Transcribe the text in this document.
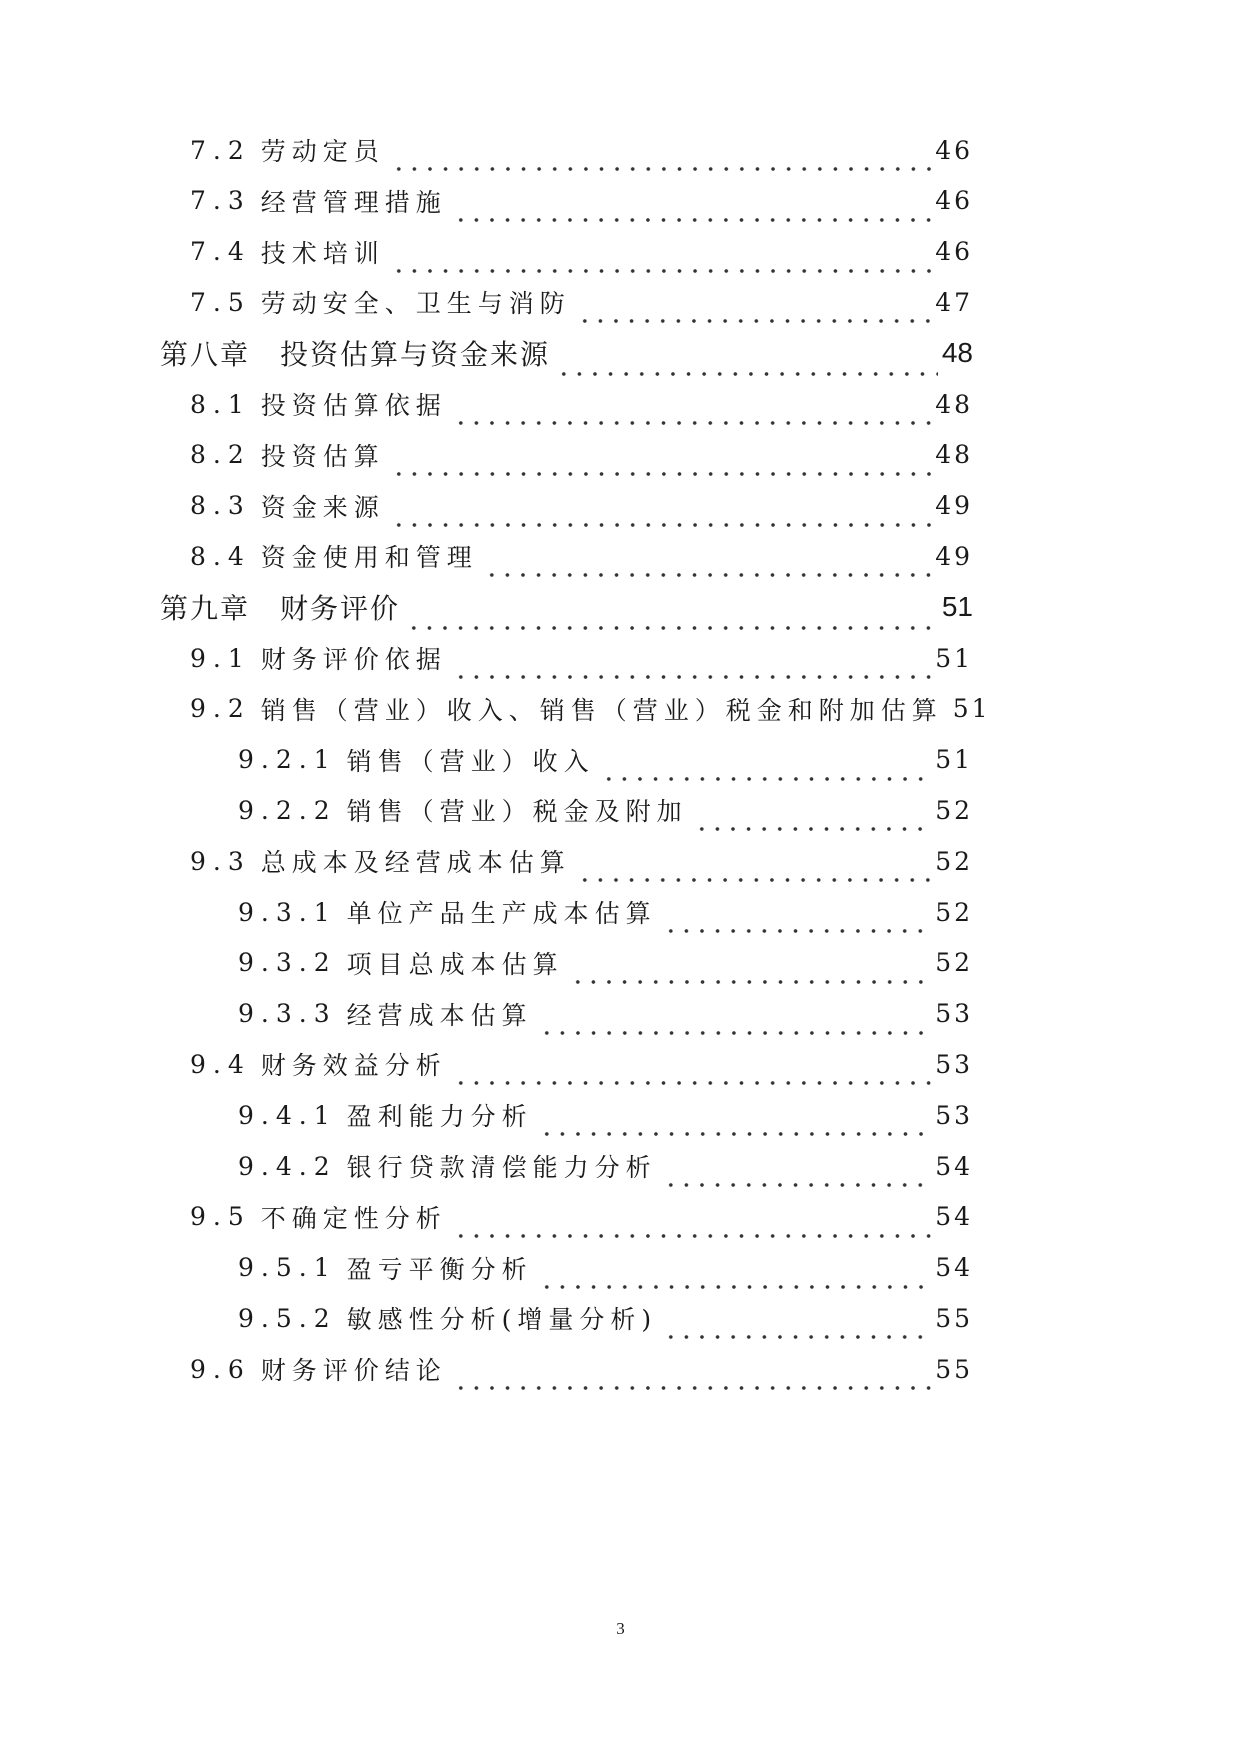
7.2 劳动定员	46
7.3 经营管理措施	46
7.4 技术培训	46
7.5 劳动安全、卫生与消防	47
第八章 投资估算与资金来源	48
8.1 投资估算依据	48
8.2 投资估算	48
8.3 资金来源	49
8.4 资金使用和管理	49
第九章 财务评价	51
9.1 财务评价依据	51
9.2 销售（营业）收入、销售（营业）税金和附加估算 51
9.2.1 销售（营业）收入	51
9.2.2 销售（营业）税金及附加	52
9.3 总成本及经营成本估算	52
9.3.1 单位产品生产成本估算	52
9.3.2 项目总成本估算	52
9.3.3 经营成本估算	53
9.4 财务效益分析	53
9.4.1 盈利能力分析	53
9.4.2 银行贷款清偿能力分析	54
9.5 不确定性分析	54
9.5.1 盈亏平衡分析	54
9.5.2 敏感性分析(增量分析)	55
9.6 财务评价结论	55
3
